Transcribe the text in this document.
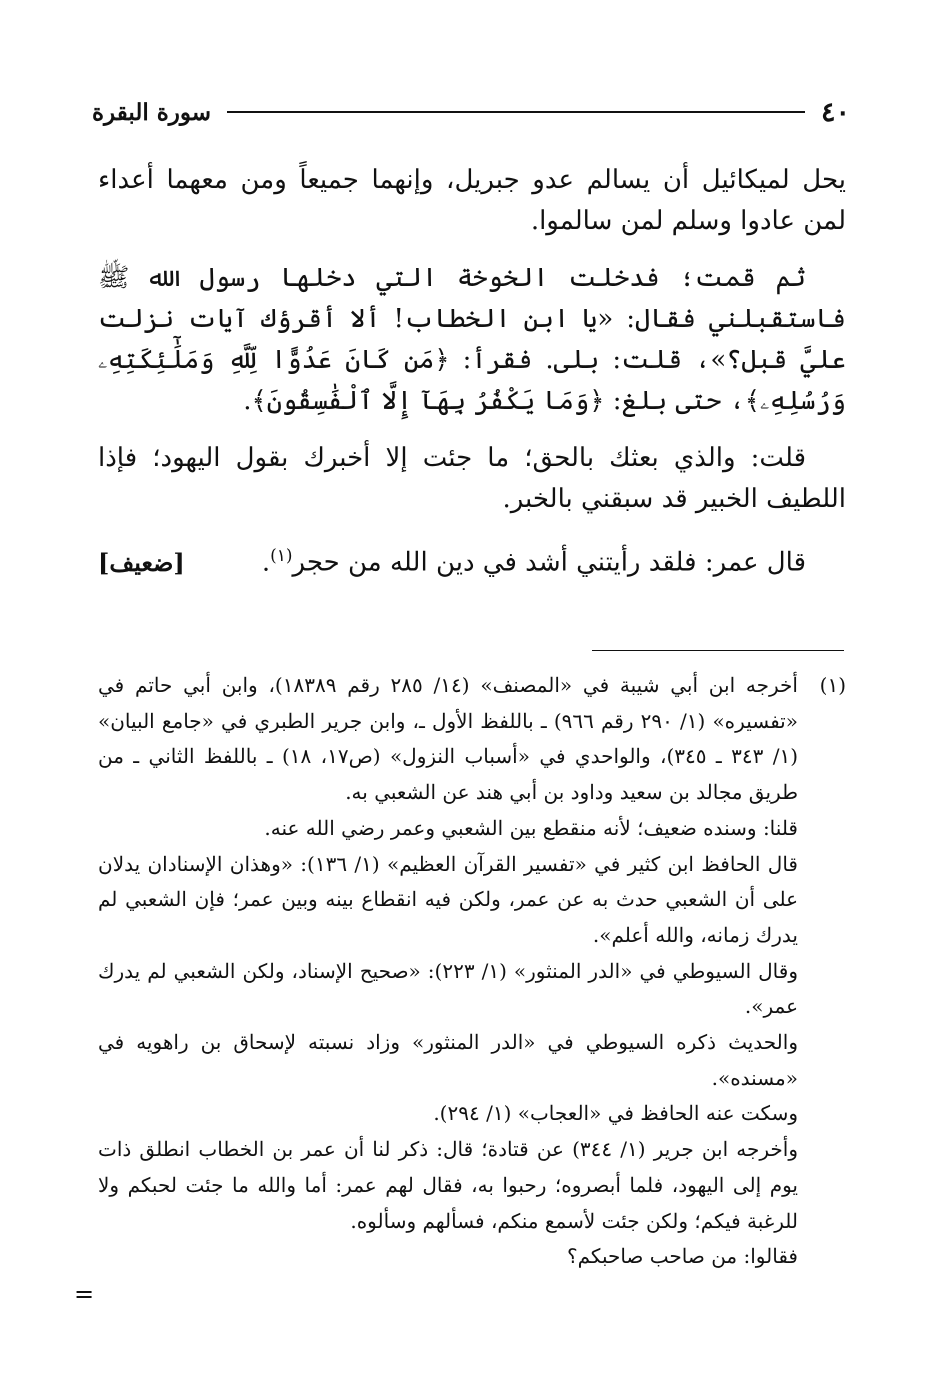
٤٠
سورة البقرة

يحل لميكائيل أن يسالم عدو جبريل، وإنهما جميعاً ومن معهما أعداء لمن عادوا وسلم لمن سالموا.

ثم قمت؛ فدخلت الخوخة التي دخلها رسول الله ﷺ فاستقبلني فقال: «يا ابن الخطاب! ألا أقرؤك آيات نزلت عليَّ قبل؟»، قلت: بلى. فقرأ: ﴿مَن كَانَ عَدُوًّا لِّلَّهِ وَمَلَٰٓئِكَتِهِۦ وَرُسُلِهِۦ﴾، حتى بلغ: ﴿وَمَا يَكْفُرُ بِهَآ إِلَّا ٱلْفَٰسِقُونَ﴾.

قلت: والذي بعثك بالحق؛ ما جئت إلا أخبرك بقول اليهود؛ فإذا اللطيف الخبير قد سبقني بالخبر.

قال عمر: فلقد رأيتني أشد في دين الله من حجر$^{(١)}$.
[ضعيف]
(١)

أخرجه ابن أبي شيبة في «المصنف» (١٤/ ٢٨٥ رقم ١٨٣٨٩)، وابن أبي حاتم في «تفسيره» (١/ ٢٩٠ رقم ٩٦٦) ـ باللفظ الأول ـ، وابن جرير الطبري في «جامع البيان» (١/ ٣٤٣ ـ ٣٤٥)، والواحدي في «أسباب النزول» (ص١٧، ١٨) ـ باللفظ الثاني ـ من طريق مجالد بن سعيد وداود بن أبي هند عن الشعبي به.

قلنا: وسنده ضعيف؛ لأنه منقطع بين الشعبي وعمر رضي الله عنه.

قال الحافظ ابن كثير في «تفسير القرآن العظيم» (١/ ١٣٦): «وهذان الإسنادان يدلان على أن الشعبي حدث به عن عمر، ولكن فيه انقطاع بينه وبين عمر؛ فإن الشعبي لم يدرك زمانه، والله أعلم».

وقال السيوطي في «الدر المنثور» (١/ ٢٢٣): «صحيح الإسناد، ولكن الشعبي لم يدرك عمر».

والحديث ذكره السيوطي في «الدر المنثور» وزاد نسبته لإسحاق بن راهويه في «مسنده».

وسكت عنه الحافظ في «العجاب» (١/ ٢٩٤).

وأخرجه ابن جرير (١/ ٣٤٤) عن قتادة؛ قال: ذكر لنا أن عمر بن الخطاب انطلق ذات يوم إلى اليهود، فلما أبصروه؛ رحبوا به، فقال لهم عمر: أما والله ما جئت لحبكم ولا للرغبة فيكم؛ ولكن جئت لأسمع منكم، فسألهم وسألوه.

فقالوا: من صاحب صاحبكم؟

=
